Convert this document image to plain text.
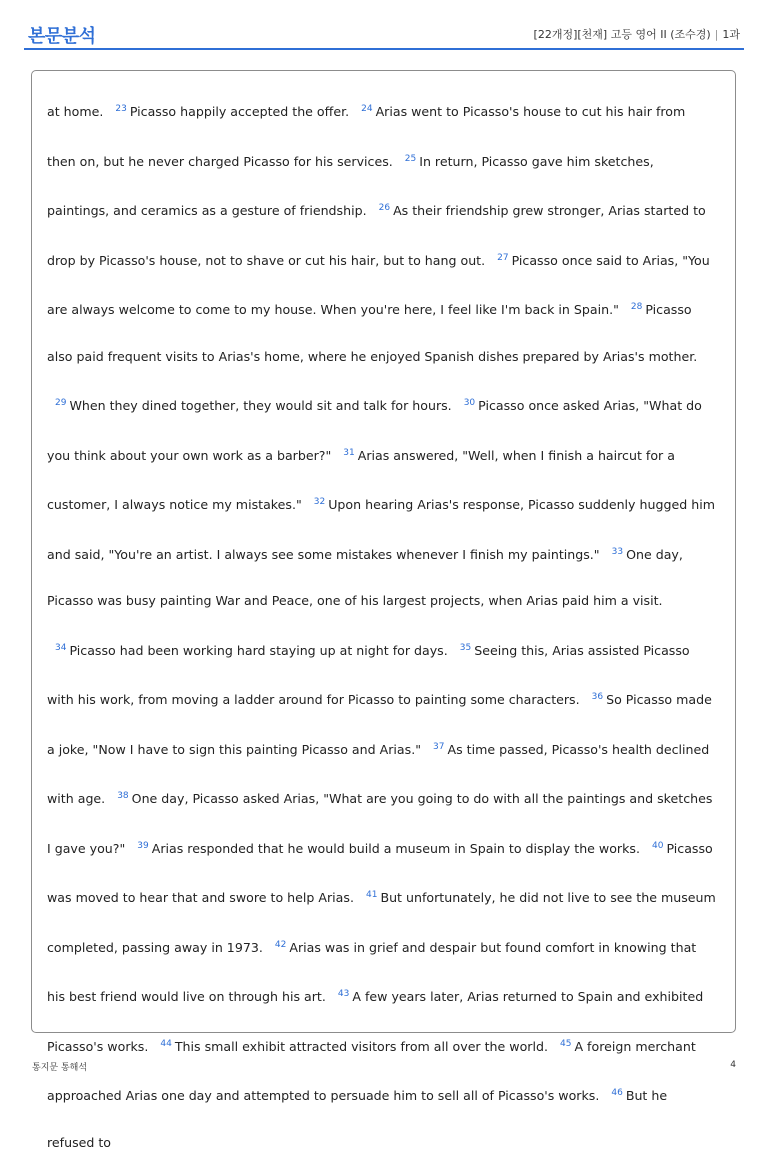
본문분석	[22개정][천재] 고등 영어 II (조수경) | 1과

at home. $^{23}$ Picasso happily accepted the offer. $^{24}$ Arias went to Picasso's house to cut his hair from then on, but he never charged Picasso for his services. $^{25}$ In return, Picasso gave him sketches, paintings, and ceramics as a gesture of friendship. $^{26}$ As their friendship grew stronger, Arias started to drop by Picasso's house, not to shave or cut his hair, but to hang out. $^{27}$ Picasso once said to Arias, "You are always welcome to come to my house. When you're here, I feel like I'm back in Spain." $^{28}$ Picasso also paid frequent visits to Arias's home, where he enjoyed Spanish dishes prepared by Arias's mother. $^{29}$ When they dined together, they would sit and talk for hours. $^{30}$ Picasso once asked Arias, "What do you think about your own work as a barber?" $^{31}$ Arias answered, "Well, when I finish a haircut for a customer, I always notice my mistakes." $^{32}$ Upon hearing Arias's response, Picasso suddenly hugged him and said, "You're an artist. I always see some mistakes whenever I finish my paintings." $^{33}$ One day, Picasso was busy painting War and Peace, one of his largest projects, when Arias paid him a visit. $^{34}$ Picasso had been working hard staying up at night for days. $^{35}$ Seeing this, Arias assisted Picasso with his work, from moving a ladder around for Picasso to painting some characters. $^{36}$ So Picasso made a joke, "Now I have to sign this painting Picasso and Arias." $^{37}$ As time passed, Picasso's health declined with age. $^{38}$ One day, Picasso asked Arias, "What are you going to do with all the paintings and sketches I gave you?" $^{39}$ Arias responded that he would build a museum in Spain to display the works. $^{40}$ Picasso was moved to hear that and swore to help Arias. $^{41}$ But unfortunately, he did not live to see the museum completed, passing away in 1973. $^{42}$ Arias was in grief and despair but found comfort in knowing that his best friend would live on through his art. $^{43}$ A few years later, Arias returned to Spain and exhibited Picasso's works. $^{44}$ This small exhibit attracted visitors from all over the world. $^{45}$ A foreign merchant approached Arias one day and attempted to persuade him to sell all of Picasso's works. $^{46}$ But he refused to

통지문 통해석	4
